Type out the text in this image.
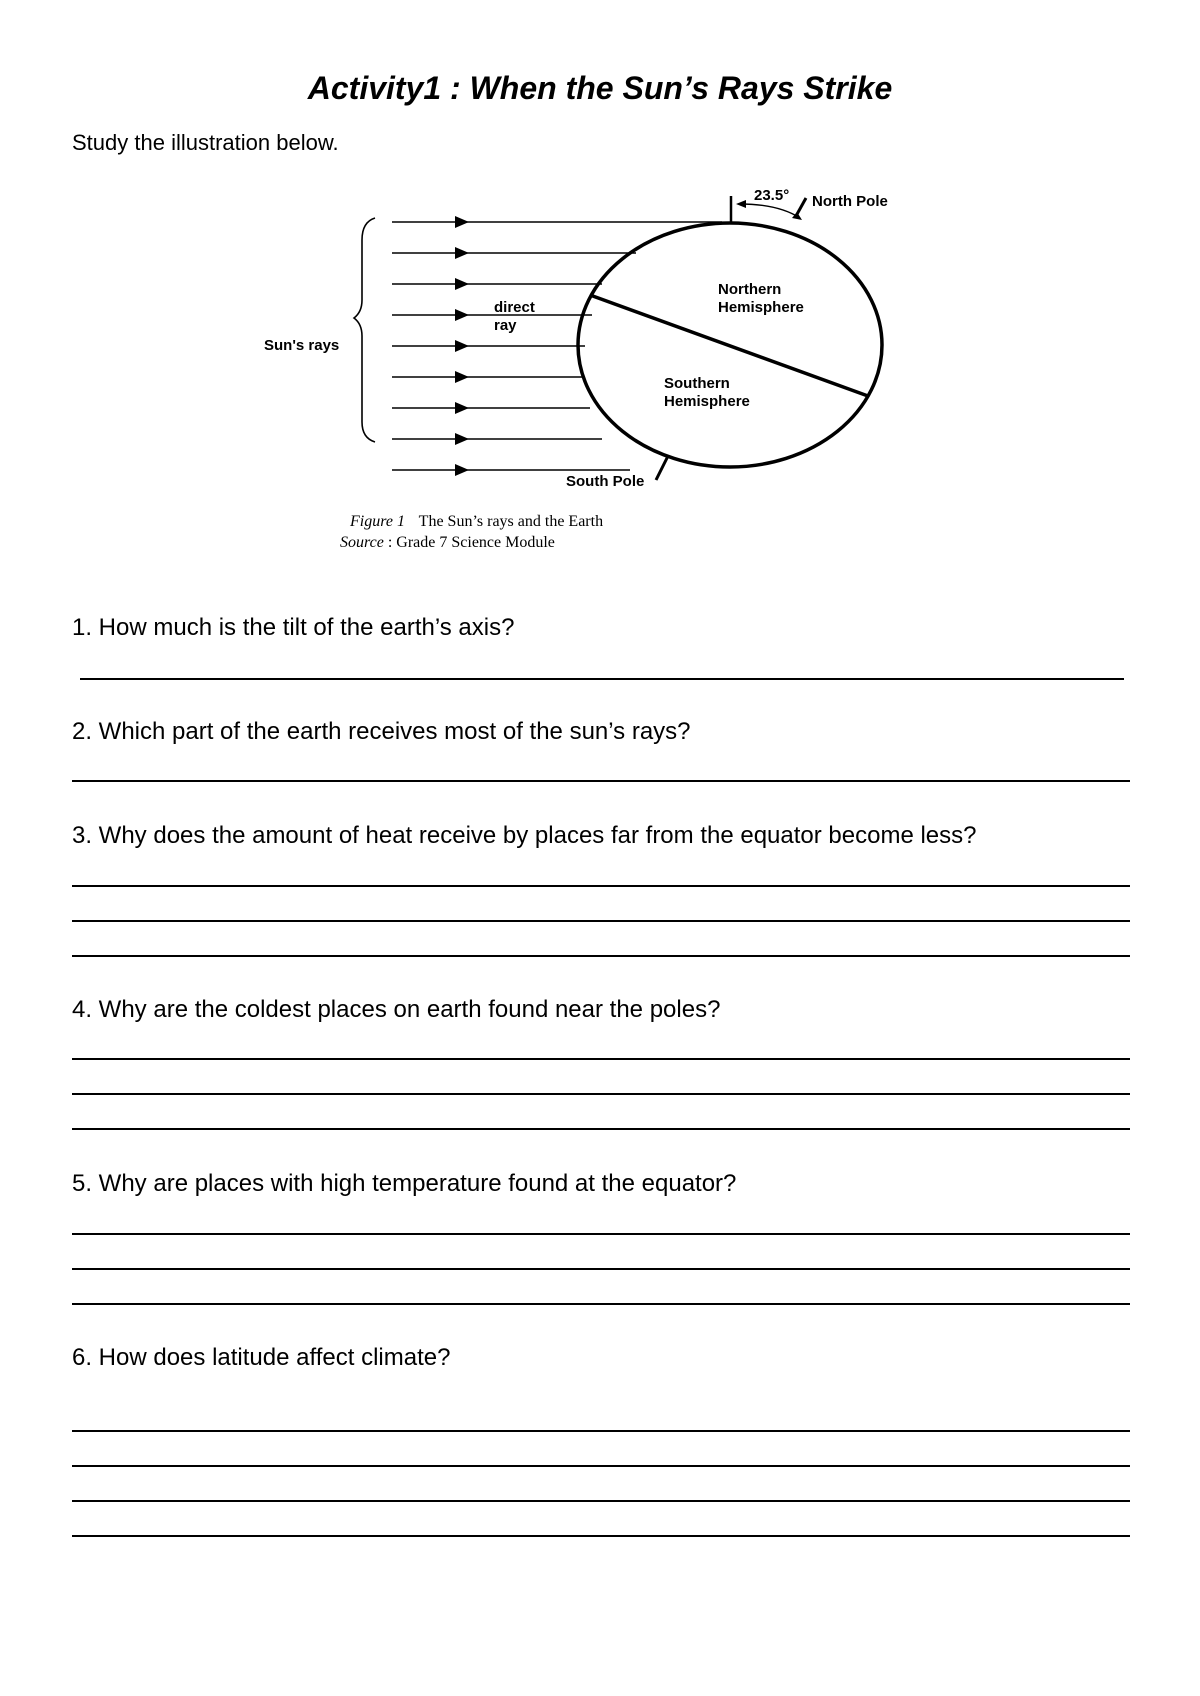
Activity1 : When the Sun’s Rays Strike

Study the illustration below.

Sun's rays
direct
ray
Northern
Hemisphere
Southern
Hemisphere
23.5° North Pole
South Pole
Figure 1 The Sun’s rays and the Earth
Source : Grade 7 Science Module

1. How much is the tilt of the earth’s axis?

2. Which part of the earth receives most of the sun’s rays?

3. Why does the amount of heat receive by places far from the equator become less?

4. Why are the coldest places on earth found near the poles?

5. Why are places with high temperature found at the equator?

6. How does latitude affect climate?
